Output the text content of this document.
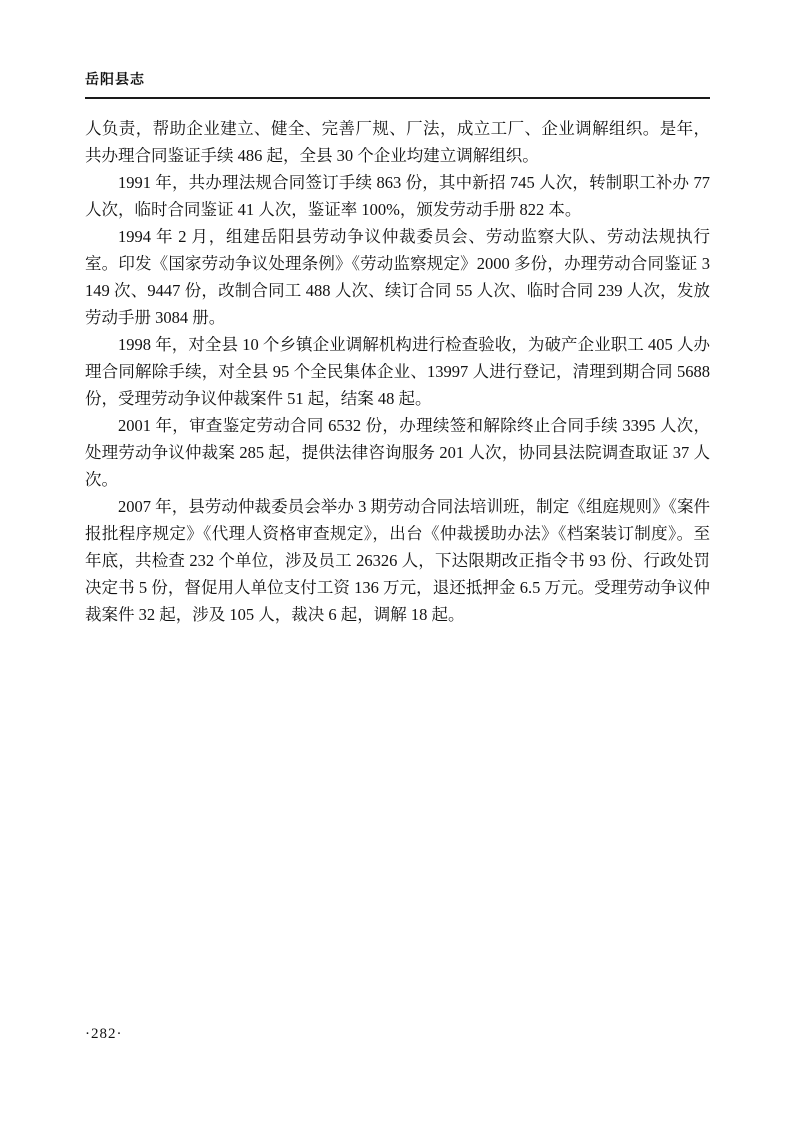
岳阳县志

人负责，帮助企业建立、健全、完善厂规、厂法，成立工厂、企业调解组织。是年，共办理合同鉴证手续 486 起，全县 30 个企业均建立调解组织。

1991 年，共办理法规合同签订手续 863 份，其中新招 745 人次，转制职工补办 77 人次，临时合同鉴证 41 人次，鉴证率 100%，颁发劳动手册 822 本。

1994 年 2 月，组建岳阳县劳动争议仲裁委员会、劳动监察大队、劳动法规执行室。印发《国家劳动争议处理条例》《劳动监察规定》2000 多份，办理劳动合同鉴证 3149 次、9447 份，改制合同工 488 人次、续订合同 55 人次、临时合同 239 人次，发放劳动手册 3084 册。

1998 年，对全县 10 个乡镇企业调解机构进行检查验收，为破产企业职工 405 人办理合同解除手续，对全县 95 个全民集体企业、13997 人进行登记，清理到期合同 5688 份，受理劳动争议仲裁案件 51 起，结案 48 起。

2001 年，审查鉴定劳动合同 6532 份，办理续签和解除终止合同手续 3395 人次，处理劳动争议仲裁案 285 起，提供法律咨询服务 201 人次，协同县法院调查取证 37 人次。

2007 年，县劳动仲裁委员会举办 3 期劳动合同法培训班，制定《组庭规则》《案件报批程序规定》《代理人资格审查规定》，出台《仲裁援助办法》《档案装订制度》。至年底，共检查 232 个单位，涉及员工 26326 人，下达限期改正指令书 93 份、行政处罚决定书 5 份，督促用人单位支付工资 136 万元，退还抵押金 6.5 万元。受理劳动争议仲裁案件 32 起，涉及 105 人，裁决 6 起，调解 18 起。

·282·
